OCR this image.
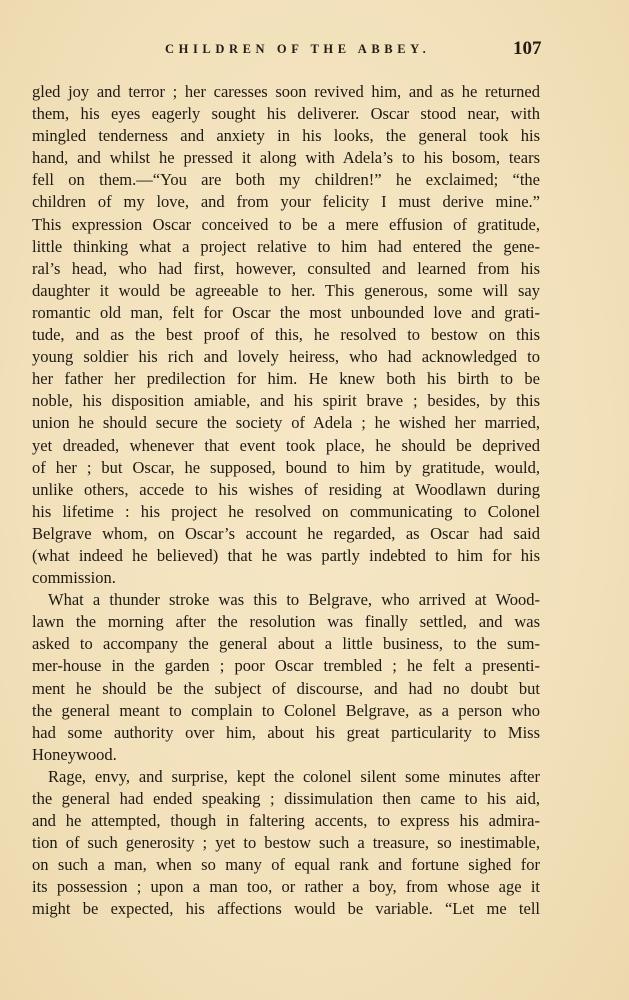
CHILDREN OF THE ABBEY.	107

gled joy and terror ; her caresses soon revived him, and as he returned

them, his eyes eagerly sought his deliverer. Oscar stood near, with

mingled tenderness and anxiety in his looks, the general took his

hand, and whilst he pressed it along with Adela’s to his bosom, tears

fell on them.—“You are both my children!” he exclaimed; “the

children of my love, and from your felicity I must derive mine.”

This expression Oscar conceived to be a mere effusion of gratitude,

little thinking what a project relative to him had entered the gene-

ral’s head, who had first, however, consulted and learned from his

daughter it would be agreeable to her. This generous, some will say

romantic old man, felt for Oscar the most unbounded love and grati-

tude, and as the best proof of this, he resolved to bestow on this

young soldier his rich and lovely heiress, who had acknowledged to

her father her predilection for him. He knew both his birth to be

noble, his disposition amiable, and his spirit brave ; besides, by this

union he should secure the society of Adela ; he wished her married,

yet dreaded, whenever that event took place, he should be deprived

of her ; but Oscar, he supposed, bound to him by gratitude, would,

unlike others, accede to his wishes of residing at Woodlawn during

his lifetime : his project he resolved on communicating to Colonel

Belgrave whom, on Oscar’s account he regarded, as Oscar had said

(what indeed he believed) that he was partly indebted to him for his

commission.

What a thunder stroke was this to Belgrave, who arrived at Wood-

lawn the morning after the resolution was finally settled, and was

asked to accompany the general about a little business, to the sum-

mer-house in the garden ; poor Oscar trembled ; he felt a presenti-

ment he should be the subject of discourse, and had no doubt but

the general meant to complain to Colonel Belgrave, as a person who

had some authority over him, about his great particularity to Miss

Honeywood.

Rage, envy, and surprise, kept the colonel silent some minutes after

the general had ended speaking ; dissimulation then came to his aid,

and he attempted, though in faltering accents, to express his admira-

tion of such generosity ; yet to bestow such a treasure, so inestimable,

on such a man, when so many of equal rank and fortune sighed for

its possession ; upon a man too, or rather a boy, from whose age it

might be expected, his affections would be variable. “Let me tell
